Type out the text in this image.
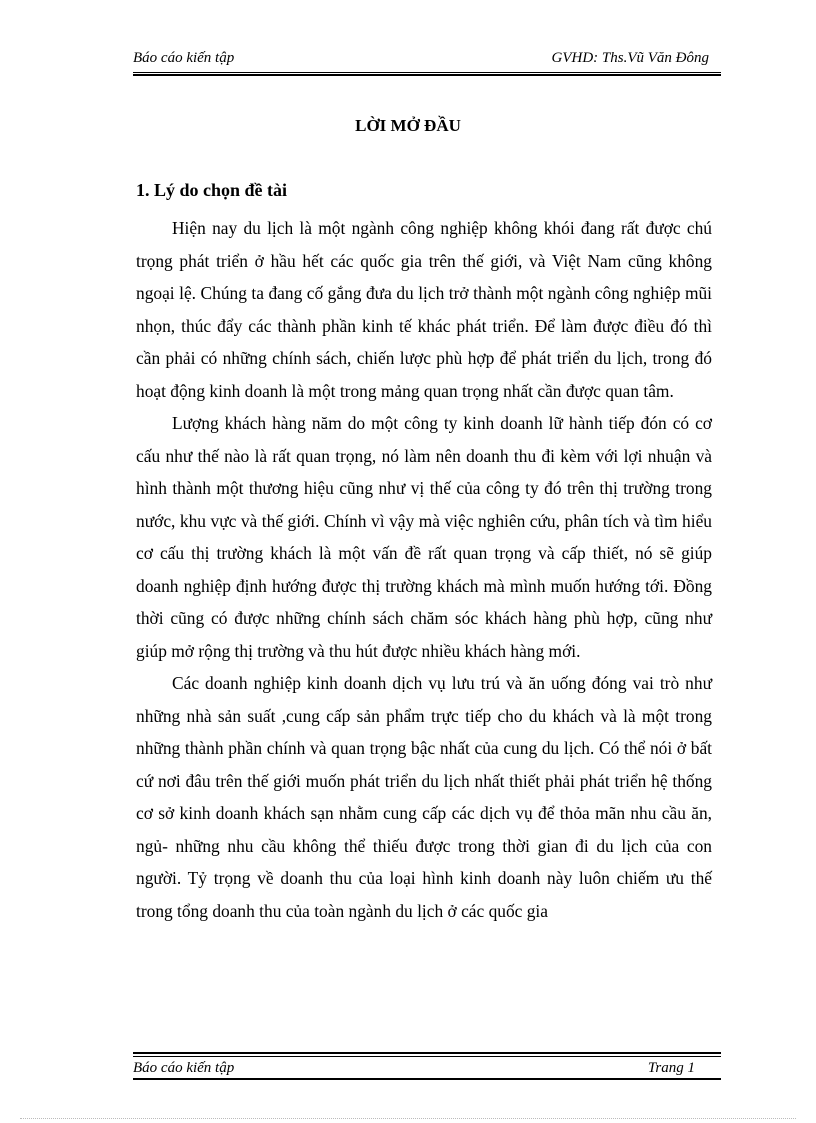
Báo cáo kiến tập	GVHD: Ths.Vũ Văn Đông
LỜI MỞ ĐẦU
1. Lý do chọn đề tài

Hiện nay du lịch là một ngành công nghiệp không khói đang rất được chú trọng phát triển ở hầu hết các quốc gia trên thế giới, và Việt Nam cũng không ngoại lệ. Chúng ta đang cố gắng đưa du lịch trở thành một ngành công nghiệp mũi nhọn, thúc đẩy các thành phần kinh tế khác phát triển. Để làm được điều đó thì cần phải có những chính sách, chiến lược phù hợp để phát triển du lịch, trong đó hoạt động kinh doanh là một trong mảng quan trọng nhất cần được quan tâm.

Lượng khách hàng năm do một công ty kinh doanh lữ hành tiếp đón có cơ cấu như thế nào là rất quan trọng, nó làm nên doanh thu đi kèm với lợi nhuận và hình thành một thương hiệu cũng như vị thế của công ty đó trên thị trường trong nước, khu vực và thế giới. Chính vì vậy mà việc nghiên cứu, phân tích và tìm hiểu cơ cấu thị trường khách là một vấn đề rất quan trọng và cấp thiết, nó sẽ giúp doanh nghiệp định hướng được thị trường khách mà mình muốn hướng tới. Đồng thời cũng có được những chính sách chăm sóc khách hàng phù hợp, cũng như giúp mở rộng thị trường và thu hút được nhiều khách hàng mới.

Các doanh nghiệp kinh doanh dịch vụ lưu trú và ăn uống đóng vai trò như những nhà sản suất ,cung cấp sản phẩm trực tiếp cho du khách và là một trong những thành phần chính và quan trọng bậc nhất của cung du lịch. Có thể nói ở bất cứ nơi đâu trên thế giới muốn phát triển du lịch nhất thiết phải phát triển hệ thống cơ sở kinh doanh khách sạn nhằm cung cấp các dịch vụ để thỏa mãn nhu cầu ăn, ngủ- những nhu cầu không thể thiếu được trong thời gian đi du lịch của con người. Tỷ trọng về doanh thu của loại hình kinh doanh này luôn chiếm ưu thế trong tổng doanh thu của toàn ngành du lịch ở các quốc gia

Báo cáo kiến tập	Trang 1
